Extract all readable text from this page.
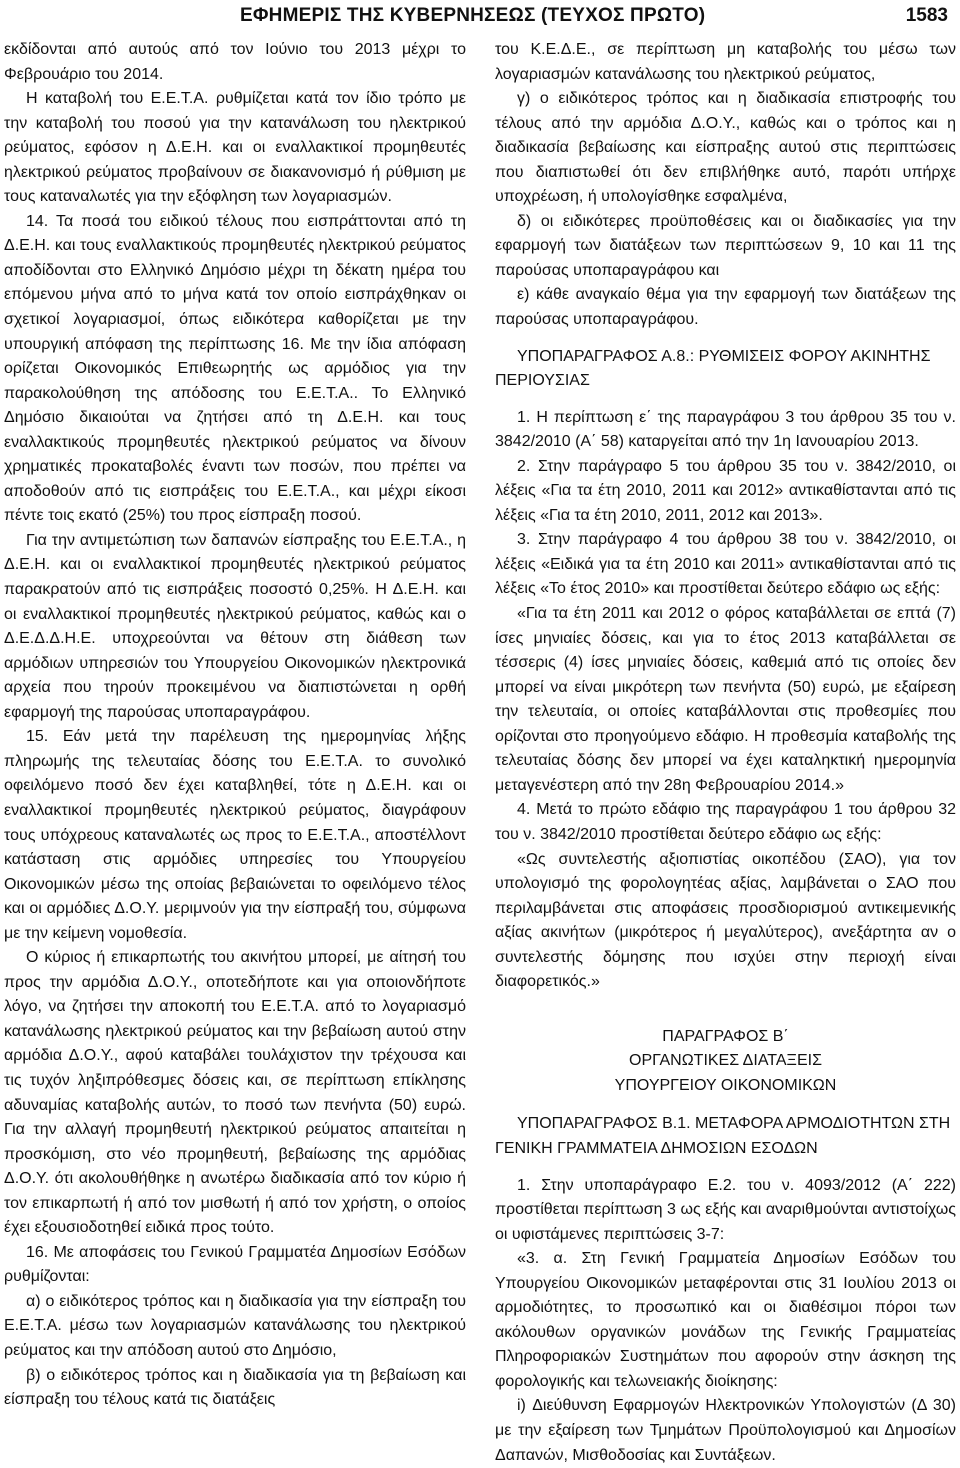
ΕΦΗΜΕΡΙΣ ΤΗΣ ΚΥΒΕΡΝΗΣΕΩΣ (ΤΕΥΧΟΣ ΠΡΩΤΟ)	1583

εκδίδονται από αυτούς από τον Ιούνιο του 2013 μέχρι το Φεβρουάριο του 2014.

Η καταβολή του Ε.Ε.Τ.Α. ρυθμίζεται κατά τον ίδιο τρόπο με την καταβολή του ποσού για την κατανάλωση του ηλεκτρικού ρεύματος, εφόσον η Δ.Ε.Η. και οι εναλλακτικοί προμηθευτές ηλεκτρικού ρεύματος προβαίνουν σε διακανονισμό ή ρύθμιση με τους καταναλωτές για την εξόφληση των λογαριασμών.

14. Τα ποσά του ειδικού τέλους που εισπράττονται από τη Δ.Ε.Η. και τους εναλλακτικούς προμηθευτές ηλεκτρικού ρεύματος αποδίδονται στο Ελληνικό Δημόσιο μέχρι τη δέκατη ημέρα του επόμενου μήνα από το μήνα κατά τον οποίο εισπράχθηκαν οι σχετικοί λογαριασμοί, όπως ειδικότερα καθορίζεται με την υπουργική απόφαση της περίπτωσης 16. Με την ίδια απόφαση ορίζεται Οικονομικός Επιθεωρητής ως αρμόδιος για την παρακολούθηση της απόδοσης του Ε.Ε.Τ.Α.. Το Ελληνικό Δημόσιο δικαιούται να ζητήσει από τη Δ.Ε.Η. και τους εναλλακτικούς προμηθευτές ηλεκτρικού ρεύματος να δίνουν χρηματικές προκαταβολές έναντι των ποσών, που πρέπει να αποδοθούν από τις εισπράξεις του Ε.Ε.Τ.Α., και μέχρι είκοσι πέντε τοις εκατό (25%) του προς είσπραξη ποσού.

Για την αντιμετώπιση των δαπανών είσπραξης του Ε.Ε.Τ.Α., η Δ.Ε.Η. και οι εναλλακτικοί προμηθευτές ηλεκτρικού ρεύματος παρακρατούν από τις εισπράξεις ποσοστό 0,25%. Η Δ.Ε.Η. και οι εναλλακτικοί προμηθευτές ηλεκτρικού ρεύματος, καθώς και ο Δ.Ε.Δ.Δ.Η.Ε. υποχρεούνται να θέτουν στη διάθεση των αρμόδιων υπηρεσιών του Υπουργείου Οικονομικών ηλεκτρονικά αρχεία που τηρούν προκειμένου να διαπιστώνεται η ορθή εφαρμογή της παρούσας υποπαραγράφου.

15. Εάν μετά την παρέλευση της ημερομηνίας λήξης πληρωμής της τελευταίας δόσης του Ε.Ε.Τ.Α. το συνολικό οφειλόμενο ποσό δεν έχει καταβληθεί, τότε η Δ.Ε.Η. και οι εναλλακτικοί προμηθευτές ηλεκτρικού ρεύματος, διαγράφουν τους υπόχρεους καταναλωτές ως προς το Ε.Ε.Τ.Α., αποστέλλοντ κατάσταση στις αρμόδιες υπηρεσίες του Υπουργείου Οικονομικών μέσω της οποίας βεβαιώνεται το οφειλόμενο τέλος και οι αρμόδιες Δ.Ο.Υ. μεριμνούν για την είσπραξή του, σύμφωνα με την κείμενη νομοθεσία.

Ο κύριος ή επικαρπωτής του ακινήτου μπορεί, με αίτησή του προς την αρμόδια Δ.Ο.Υ., οποτεδήποτε και για οποιονδήποτε λόγο, να ζητήσει την αποκοπή του Ε.Ε.Τ.Α. από το λογαριασμό κατανάλωσης ηλεκτρικού ρεύματος και την βεβαίωση αυτού στην αρμόδια Δ.Ο.Υ., αφού καταβάλει τουλάχιστον την τρέχουσα και τις τυχόν ληξιπρόθεσμες δόσεις και, σε περίπτωση επίκλησης αδυναμίας καταβολής αυτών, το ποσό των πενήντα (50) ευρώ. Για την αλλαγή προμηθευτή ηλεκτρικού ρεύματος απαιτείται η προσκόμιση, στο νέο προμηθευτή, βεβαίωσης της αρμόδιας Δ.Ο.Υ. ότι ακολουθήθηκε η ανωτέρω διαδικασία από τον κύριο ή τον επικαρπωτή ή από τον μισθωτή ή από τον χρήστη, ο οποίος έχει εξουσιοδοτηθεί ειδικά προς τούτο.

16. Με αποφάσεις του Γενικού Γραμματέα Δημοσίων Εσόδων ρυθμίζονται:

α) ο ειδικότερος τρόπος και η διαδικασία για την είσπραξη του Ε.Ε.Τ.Α. μέσω των λογαριασμών κατανάλωσης του ηλεκτρικού ρεύματος και την απόδοση αυτού στο Δημόσιο,

β) ο ειδικότερος τρόπος και η διαδικασία για τη βεβαίωση και είσπραξη του τέλους κατά τις διατάξεις

του Κ.Ε.Δ.Ε., σε περίπτωση μη καταβολής του μέσω των λογαριασμών κατανάλωσης του ηλεκτρικού ρεύματος,

γ) ο ειδικότερος τρόπος και η διαδικασία επιστροφής του τέλους από την αρμόδια Δ.Ο.Υ., καθώς και ο τρόπος και η διαδικασία βεβαίωσης και είσπραξης αυτού στις περιπτώσεις που διαπιστωθεί ότι δεν επιβλήθηκε αυτό, παρότι υπήρχε υποχρέωση, ή υπολογίσθηκε εσφαλμένα,

δ) οι ειδικότερες προϋποθέσεις και οι διαδικασίες για την εφαρμογή των διατάξεων των περιπτώσεων 9, 10 και 11 της παρούσας υποπαραγράφου και

ε) κάθε αναγκαίο θέμα για την εφαρμογή των διατάξεων της παρούσας υποπαραγράφου.

ΥΠΟΠΑΡΑΓΡΑΦΟΣ Α.8.: ΡΥΘΜΙΣΕΙΣ ΦΟΡΟΥ ΑΚΙΝΗΤΗΣ ΠΕΡΙΟΥΣΙΑΣ

1. Η περίπτωση ε΄ της παραγράφου 3 του άρθρου 35 του ν. 3842/2010 (Α΄ 58) καταργείται από την 1η Ιανουαρίου 2013.

2. Στην παράγραφο 5 του άρθρου 35 του ν. 3842/2010, οι λέξεις «Για τα έτη 2010, 2011 και 2012» αντικαθίστανται από τις λέξεις «Για τα έτη 2010, 2011, 2012 και 2013».

3. Στην παράγραφο 4 του άρθρου 38 του ν. 3842/2010, οι λέξεις «Ειδικά για τα έτη 2010 και 2011» αντικαθίστανται από τις λέξεις «Το έτος 2010» και προστίθεται δεύτερο εδάφιο ως εξής:

«Για τα έτη 2011 και 2012 ο φόρος καταβάλλεται σε επτά (7) ίσες μηνιαίες δόσεις, και για το έτος 2013 καταβάλλεται σε τέσσερις (4) ίσες μηνιαίες δόσεις, καθεμιά από τις οποίες δεν μπορεί να είναι μικρότερη των πενήντα (50) ευρώ, με εξαίρεση την τελευταία, οι οποίες καταβάλλονται στις προθεσμίες που ορίζονται στο προηγούμενο εδάφιο. Η προθεσμία καταβολής της τελευταίας δόσης δεν μπορεί να έχει καταληκτική ημερομηνία μεταγενέστερη από την 28η Φεβρουαρίου 2014.»

4. Μετά το πρώτο εδάφιο της παραγράφου 1 του άρθρου 32 του ν. 3842/2010 προστίθεται δεύτερο εδάφιο ως εξής:

«Ως συντελεστής αξιοπιστίας οικοπέδου (ΣΑΟ), για τον υπολογισμό της φορολογητέας αξίας, λαμβάνεται ο ΣΑΟ που περιλαμβάνεται στις αποφάσεις προσδιορισμού αντικειμενικής αξίας ακινήτων (μικρότερος ή μεγαλύτερος), ανεξάρτητα αν ο συντελεστής δόμησης που ισχύει στην περιοχή είναι διαφορετικός.»

ΠΑΡΑΓΡΑΦΟΣ Β΄

ΟΡΓΑΝΩΤΙΚΕΣ ΔΙΑΤΑΞΕΙΣ

ΥΠΟΥΡΓΕΙΟΥ ΟΙΚΟΝΟΜΙΚΩΝ

ΥΠΟΠΑΡΑΓΡΑΦΟΣ Β.1. ΜΕΤΑΦΟΡΑ ΑΡΜΟΔΙΟΤΗΤΩΝ ΣΤΗ ΓΕΝΙΚΗ ΓΡΑΜΜΑΤΕΙΑ ΔΗΜΟΣΙΩΝ ΕΣΟΔΩΝ

1. Στην υποπαράγραφο Ε.2. του ν. 4093/2012 (Α΄ 222) προστίθεται περίπτωση 3 ως εξής και αναριθμούνται αντιστοίχως οι υφιστάμενες περιπτώσεις 3-7:

«3. α. Στη Γενική Γραμματεία Δημοσίων Εσόδων του Υπουργείου Οικονομικών μεταφέρονται στις 31 Ιουλίου 2013 οι αρμοδιότητες, το προσωπικό και οι διαθέσιμοι πόροι των ακόλουθων οργανικών μονάδων της Γενικής Γραμματείας Πληροφοριακών Συστημάτων που αφορούν στην άσκηση της φορολογικής και τελωνειακής διοίκησης:

i) Διεύθυνση Εφαρμογών Ηλεκτρονικών Υπολογιστών (Δ 30) με την εξαίρεση των Τμημάτων Προϋπολογισμού και Δημοσίων Δαπανών, Μισθοδοσίας και Συντάξεων.
